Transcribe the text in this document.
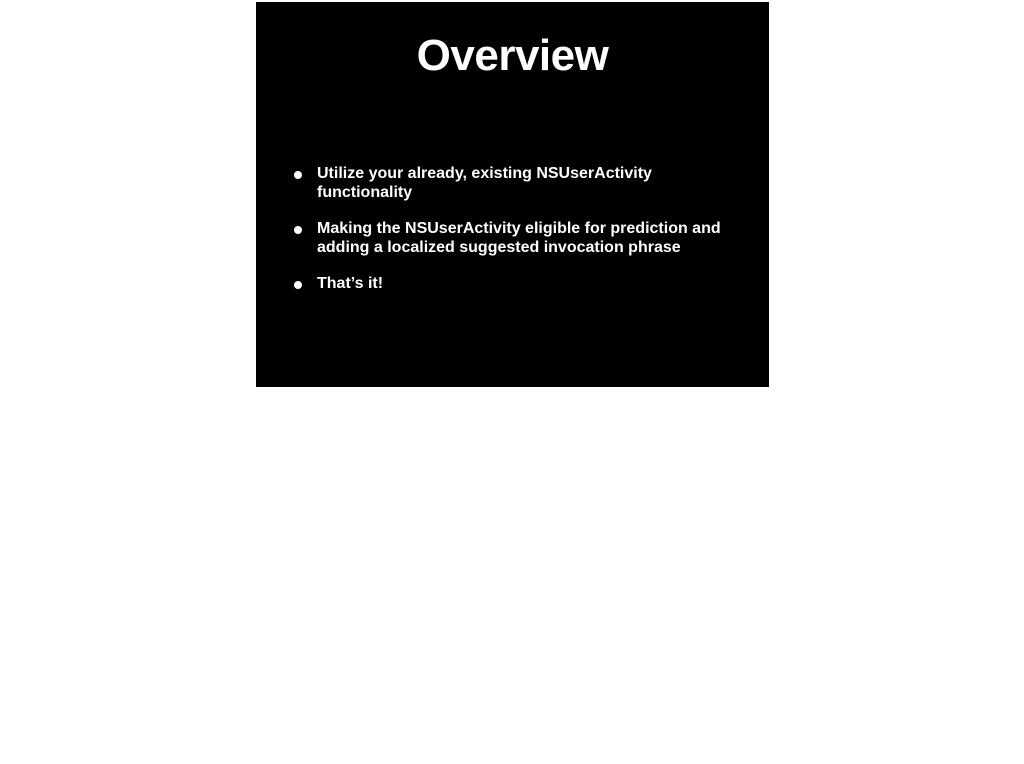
Overview
Utilize your already, existing NSUserActivity functionality
Making the NSUserActivity eligible for prediction and adding a localized suggested invocation phrase
That’s it!
